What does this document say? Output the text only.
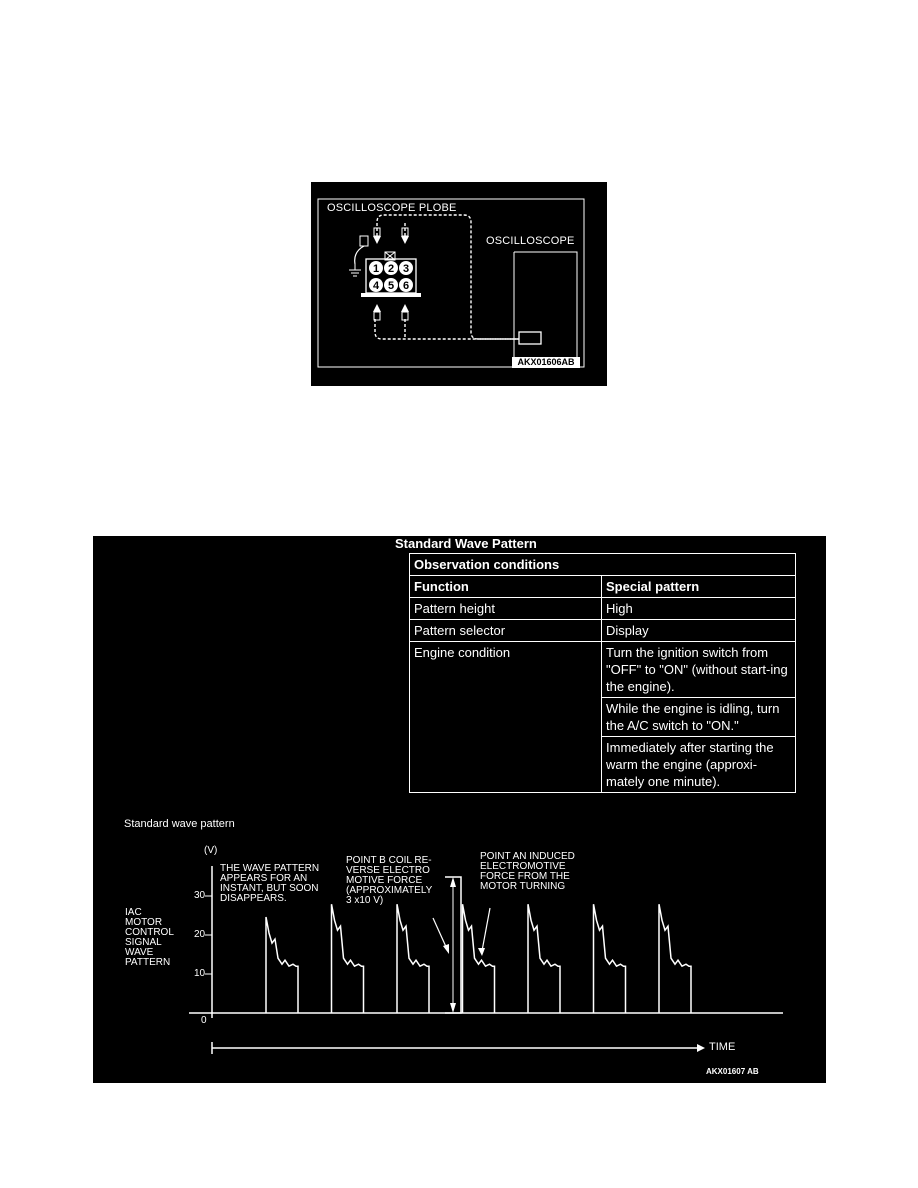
1 2 3
4 5 6
OSCILLOSCOPE PLOBE
OSCILLOSCOPE
AKX01606AB
Standard Wave Pattern
Observation conditions	
Function	Special pattern
Pattern height	High
Pattern selector	Display
Engine condition	Turn the ignition switch from "OFF" to "ON" (without start-ing the engine).
	While the engine is idling, turn the A/C switch to "ON."
	Immediately after starting the warm the engine (approxi-mately one minute).
Standard wave pattern
(V)
30
20
10
0
IAC
MOTOR
CONTROL
SIGNAL
WAVE
PATTERN
THE WAVE PATTERN
APPEARS FOR AN
INSTANT, BUT SOON
DISAPPEARS.
POINT B COIL RE-
VERSE ELECTRO
MOTIVE FORCE
(APPROXIMATELY
3 x10 V)
POINT AN INDUCED
ELECTROMOTIVE
FORCE FROM THE
MOTOR TURNING
TIME
AKX01607 AB
